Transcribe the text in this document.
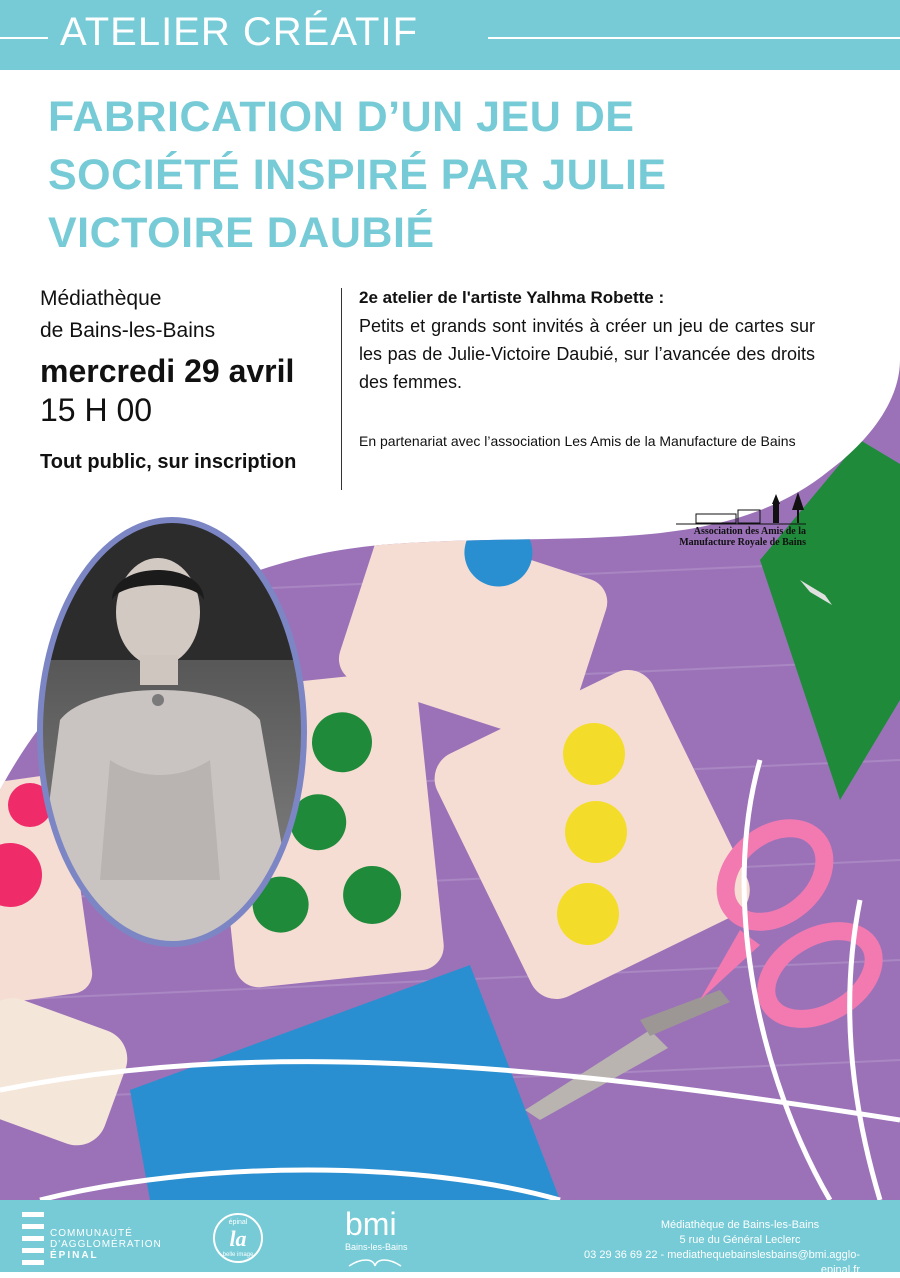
ATELIER CRÉATIF
FABRICATION D’UN JEU DE
SOCIÉTÉ INSPIRÉ PAR JULIE
VICTOIRE DAUBIÉ
Médiathèque
de Bains-les-Bains
mercredi 29 avril
15 H 00
Tout public, sur inscription
2e atelier de l'artiste Yalhma Robette :
Petits et grands sont invités à créer un jeu de cartes sur les pas de Julie-Victoire Daubié, sur l’avancée des droits des femmes.
En partenariat avec l’association Les Amis de la Manufacture de Bains
Association des Amis de la
Manufacture Royale de Bains
COMMUNAUTÉ
D'AGGLOMÉRATION
ÉPINAL
épinal
la
belle image
bmi
Bains-les-Bains
Médiathèque de Bains-les-Bains
5 rue du Général Leclerc
03 29 36 69 22 - mediathequebainslesbains@bmi.agglo-epinal.fr
